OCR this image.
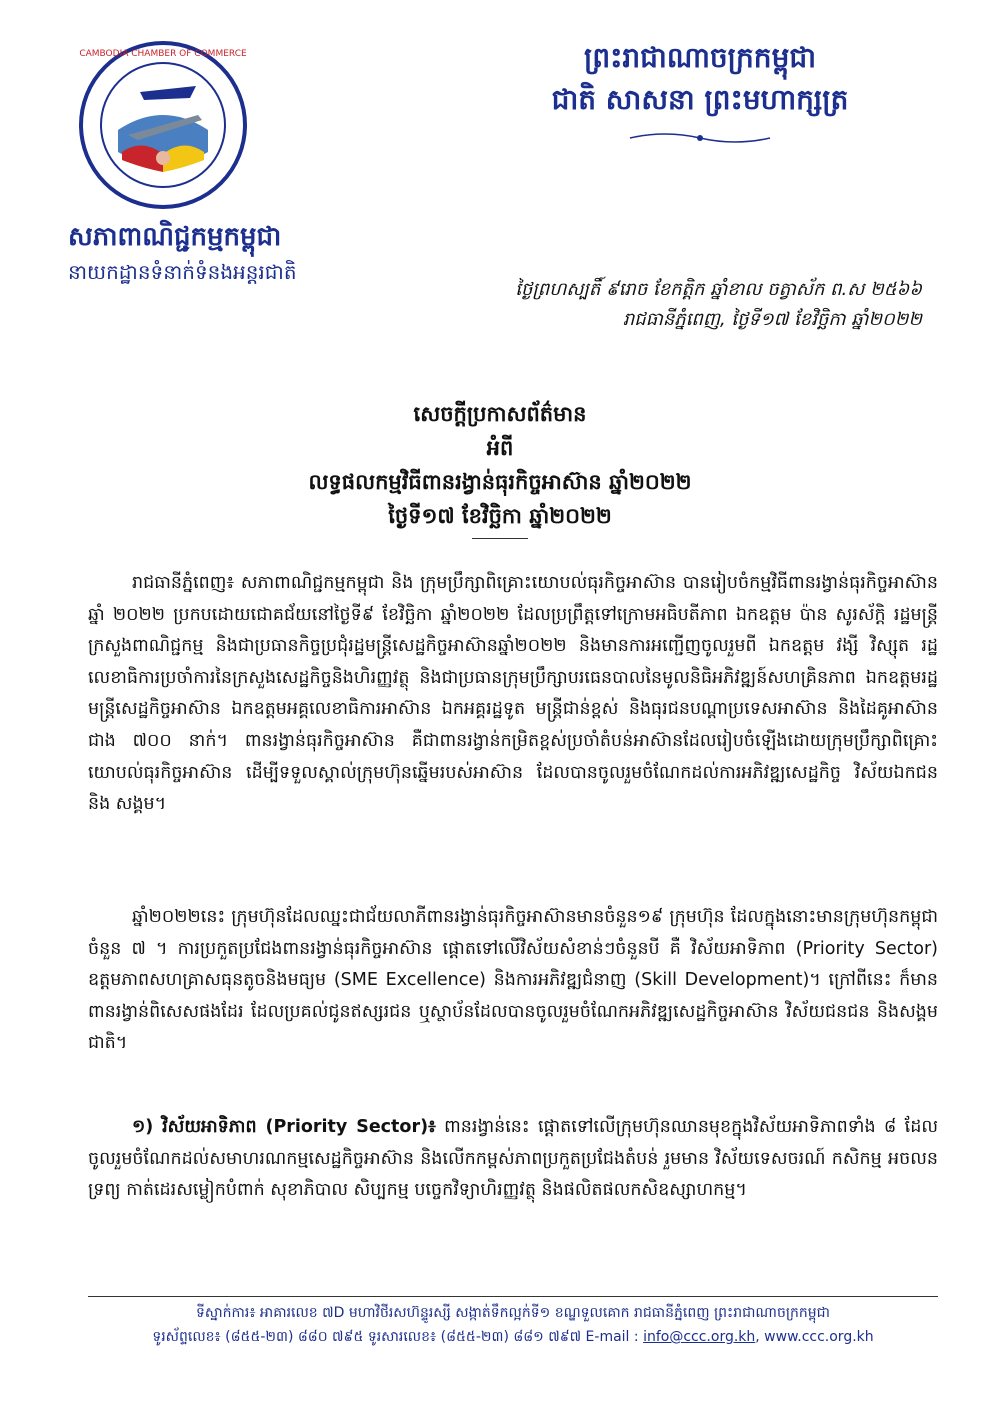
CAMBODIA CHAMBER OF COMMERCE
សភាពាណិជ្ជកម្មកម្ពុជា
នាយកដ្ឋានទំនាក់ទំនងអន្តរជាតិ
ព្រះរាជាណាចក្រកម្ពុជា
ជាតិ សាសនា ព្រះមហាក្សត្រ
ថ្ងៃព្រហស្បតិ៍ ៩រោច ខែកត្តិក ឆ្នាំខាល ចត្វាស័ក ព.ស ២៥៦៦
រាជធានីភ្នំពេញ, ថ្ងៃទី១៧ ខែវិច្ឆិកា ឆ្នាំ២០២២
សេចក្តីប្រកាសព័ត៌មាន
អំពី
លទ្ធផលកម្មវិធីពានរង្វាន់ធុរកិច្ចអាស៊ាន ឆ្នាំ២០២២
ថ្ងៃទី១៧ ខែវិច្ឆិកា ឆ្នាំ២០២២

រាជធានីភ្នំពេញ៖ សភាពាណិជ្ជកម្មកម្ពុជា និង ក្រុមប្រឹក្សាពិគ្រោះយោបល់ធុរកិច្ចអាស៊ាន បានរៀបចំកម្មវិធីពានរង្វាន់ធុរកិច្ចអាស៊ានឆ្នាំ ២០២២ ប្រកបដោយជោគជ័យនៅថ្ងៃទី៩ ខែវិច្ឆិកា ឆ្នាំ២០២២ ដែលប្រព្រឹត្តទៅក្រោមអធិបតីភាព ឯកឧត្តម ប៉ាន សូរស័ក្តិ រដ្ឋមន្ត្រីក្រសួងពាណិជ្ជកម្ម និងជាប្រធានកិច្ចប្រជុំរដ្ឋមន្ត្រីសេដ្ឋកិច្ចអាស៊ានឆ្នាំ២០២២ និងមានការអញ្ជើញចូលរួមពី ឯកឧត្តម វង្សី វិស្សុត រដ្ឋលេខាធិការប្រចាំការនៃក្រសួងសេដ្ឋកិច្ចនិងហិរញ្ញវត្ថុ និងជាប្រធានក្រុមប្រឹក្សាបរធេនបាលនៃមូលនិធិអភិវឌ្ឍន៍សហគ្រិនភាព ឯកឧត្តមរដ្ឋមន្ត្រីសេដ្ឋកិច្ចអាស៊ាន ឯកឧត្តមអគ្គលេខាធិការអាស៊ាន ឯកអគ្គរដ្ឋទូត មន្ត្រីជាន់ខ្ពស់ និងធុរជនបណ្តាប្រទេសអាស៊ាន និងដៃគូអាស៊ានជាង ៧០០ នាក់។ ពានរង្វាន់ធុរកិច្ចអាស៊ាន គឺជាពានរង្វាន់កម្រិតខ្ពស់ប្រចាំតំបន់អាស៊ានដែលរៀបចំឡើងដោយក្រុមប្រឹក្សាពិគ្រោះយោបល់ធុរកិច្ចអាស៊ាន ដើម្បីទទួលស្គាល់ក្រុមហ៊ុនឆ្នើមរបស់អាស៊ាន ដែលបានចូលរួមចំណែកដល់ការអភិវឌ្ឍសេដ្ឋកិច្ច វិស័យឯកជន និង សង្គម។

ឆ្នាំ២០២២នេះ ក្រុមហ៊ុនដែលឈ្នះជាជ័យលាភីពានរង្វាន់ធុរកិច្ចអាស៊ានមានចំនួន១៩ ក្រុមហ៊ុន ដែលក្នុងនោះមានក្រុមហ៊ុនកម្ពុជាចំនួន ៧ ។ ការប្រកួតប្រជែងពានរង្វាន់ធុរកិច្ចអាស៊ាន ផ្តោតទៅលើវិស័យសំខាន់ៗចំនួនបី គឺ វិស័យអាទិភាព (Priority Sector) ឧត្តមភាពសហគ្រាសធុនតូចនិងមធ្យម (SME Excellence) និងការអភិវឌ្ឍជំនាញ (Skill Development)។ ក្រៅពីនេះ ក៏មានពានរង្វាន់ពិសេសផងដែរ ដែលប្រគល់ជូនឥស្សរជន ឬស្ថាប័នដែលបានចូលរួមចំណែកអភិវឌ្ឍសេដ្ឋកិច្ចអាស៊ាន វិស័យជនជន និងសង្គមជាតិ។

១) វិស័យអាទិភាព (Priority Sector)៖ ពានរង្វាន់នេះ ផ្តោតទៅលើក្រុមហ៊ុនឈានមុខក្នុងវិស័យអាទិភាពទាំង ៨ ដែលចូលរួមចំណែកដល់សមាហរណកម្មសេដ្ឋកិច្ចអាស៊ាន និងលើកកម្ពស់ភាពប្រកួតប្រជែងតំបន់ រួមមាន វិស័យទេសចរណ៍ កសិកម្ម អចលនទ្រព្យ កាត់ដេរសម្លៀកបំពាក់ សុខាភិបាល សិប្បកម្ម បច្ចេកវិទ្យាហិរញ្ញវត្ថុ និងផលិតផលកសិឧស្សាហកម្ម។

ទីស្នាក់ការ៖ អាគារលេខ ៧D មហាវិថីរសហ៊ន្ទូរស្សី សង្កាត់ទឹកល្អក់ទី១ ខណ្ឌទួលគោក រាជធានីភ្នំពេញ ព្រះរាជាណាចក្រកម្ពុជា
ទូរស័ព្ទលេខ៖ (៨៥៥-២៣) ៨៨០ ៧៩៥ ទូរសារលេខ៖ (៨៥៥-២៣) ៨៨១ ៧៩៧ E-mail : info@ccc.org.kh, www.ccc.org.kh
